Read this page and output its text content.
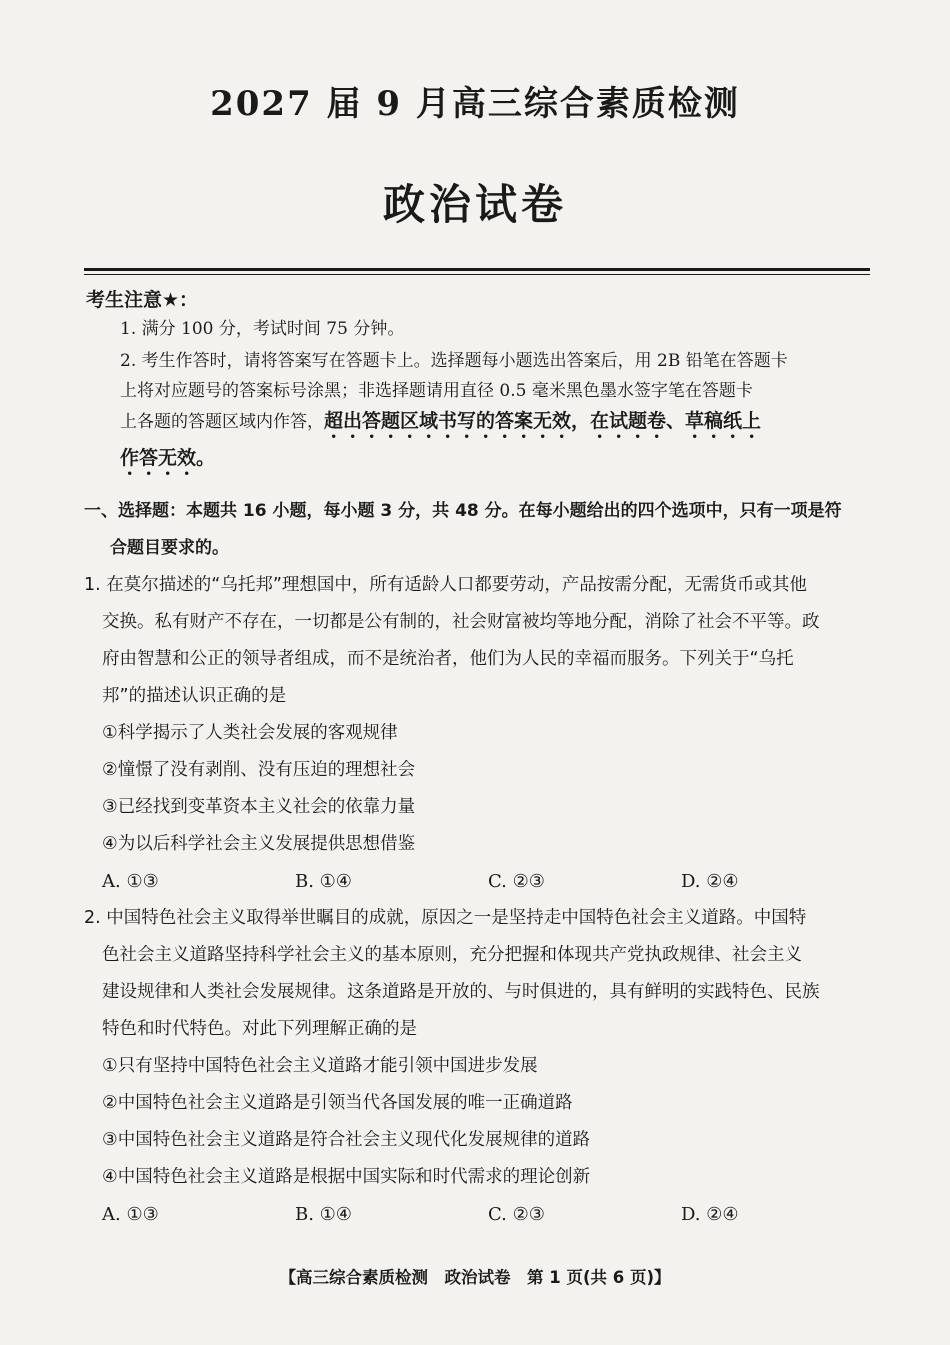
2027 届 9 月高三综合素质检测
政治试卷
考生注意★：
1. 满分 100 分，考试时间 75 分钟。
2. 考生作答时，请将答案写在答题卡上。选择题每小题选出答案后，用 2B 铅笔在答题卡
上将对应题号的答案标号涂黑；非选择题请用直径 0.5 毫米黑色墨水签字笔在答题卡
上各题的答题区域内作答，超出答题区域书写的答案无效，在试题卷、草稿纸上
作答无效。
一、选择题：本题共 16 小题，每小题 3 分，共 48 分。在每小题给出的四个选项中，只有一项是符
合题目要求的。
1. 在莫尔描述的“乌托邦”理想国中，所有适龄人口都要劳动，产品按需分配，无需货币或其他
交换。私有财产不存在，一切都是公有制的，社会财富被均等地分配，消除了社会不平等。政
府由智慧和公正的领导者组成，而不是统治者，他们为人民的幸福而服务。下列关于“乌托
邦”的描述认识正确的是
①科学揭示了人类社会发展的客观规律
②憧憬了没有剥削、没有压迫的理想社会
③已经找到变革资本主义社会的依靠力量
④为以后科学社会主义发展提供思想借鉴
A. ①③	B. ①④	C. ②③	D. ②④
2. 中国特色社会主义取得举世瞩目的成就，原因之一是坚持走中国特色社会主义道路。中国特
色社会主义道路坚持科学社会主义的基本原则，充分把握和体现共产党执政规律、社会主义
建设规律和人类社会发展规律。这条道路是开放的、与时俱进的，具有鲜明的实践特色、民族
特色和时代特色。对此下列理解正确的是
①只有坚持中国特色社会主义道路才能引领中国进步发展
②中国特色社会主义道路是引领当代各国发展的唯一正确道路
③中国特色社会主义道路是符合社会主义现代化发展规律的道路
④中国特色社会主义道路是根据中国实际和时代需求的理论创新
A. ①③	B. ①④	C. ②③	D. ②④
【高三综合素质检测　政治试卷　第 1 页(共 6 页)】
